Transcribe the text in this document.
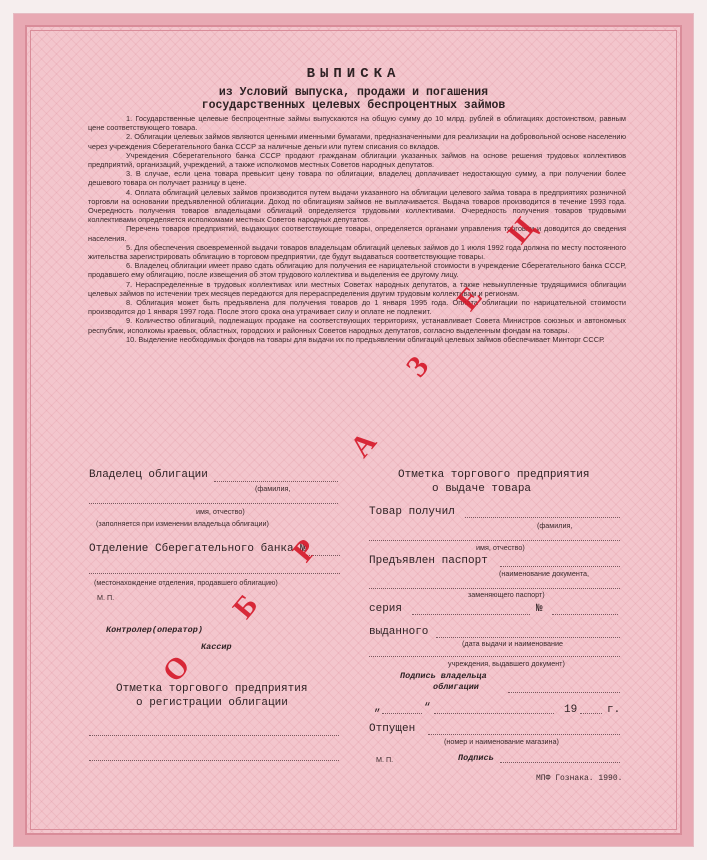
ВЫПИСКА
из Условий выпуска, продажи и погашения
государственных целевых беспроцентных займов

1. Государственные целевые беспроцентные займы выпускаются на общую сумму до 10 млрд. рублей в облигациях достоинством, равным цене соответствующего товара.

2. Облигации целевых займов являются ценными именными бумагами, предназначенными для реализации на добровольной основе населению через учреждения Сберегательного банка СССР за наличные деньги или путем списания со вкладов.

Учреждения Сберегательного банка СССР продают гражданам облигации указанных займов на основе решения трудовых коллективов предприятий, организаций, учреждений, а также исполкомов местных Советов народных депутатов.

3. В случае, если цена товара превысит цену товара по облигации, владелец доплачивает недостающую сумму, а при получении более дешевого товара он получает разницу в цене.

4. Оплата облигаций целевых займов производится путем выдачи указанного на облигации целевого займа товара в предприятиях розничной торговли на основании предъявленной облигации. Доход по облигациям займов не выплачивается. Выдача товаров производится в течение 1993 года. Очередность получения товаров владельцами облигаций определяется трудовыми коллективами. Очередность получения товаров трудовыми коллективами определяется исполкомами местных Советов народных депутатов.

Перечень товаров предприятий, выдающих соответствующие товары, определяется органами управления торговли и доводится до сведения населения.

5. Для обеспечения своевременной выдачи товаров владельцам облигаций целевых займов до 1 июля 1992 года должна по месту постоянного жительства зарегистрировать облигацию в торговом предприятии, где будут выдаваться соответствующие товары.

6. Владелец облигации имеет право сдать облигацию для получения ее нарицательной стоимости в учреждение Сберегательного банка СССР, продавшего ему облигацию, после извещения об этом трудового коллектива и выделения ее другому лицу.

7. Нераспределенные в трудовых коллективах или местных Советах народных депутатов, а также невыкупленные трудящимися облигации целевых займов по истечении трех месяцев передаются для перераспределения другим трудовым коллективам и регионам.

8. Облигация может быть предъявлена для получения товаров до 1 января 1995 года. Оплата облигации по нарицательной стоимости производится до 1 января 1997 года. После этого срока она утрачивает силу и оплате не подлежит.

9. Количество облигаций, подлежащих продаже на соответствующих территориях, устанавливает Совета Министров союзных и автономных республик, исполкомы краевых, областных, городских и районных Советов народных депутатов, согласно выделенным фондам на товары.

10. Выделение необходимых фондов на товары для выдачи их по предъявлении облигаций целевых займов обеспечивает Минторг СССР.

Владелец облигации
(фамилия,
имя, отчество)
(заполняется при изменении владельца облигации)
Отделение Сберегательного банка №
(местонахождение отделения, продавшего облигацию)
М. П.
Контролер(оператор)
Кассир
Отметка торгового предприятия
о регистрации облигации
Отметка торгового предприятия
о выдаче товара
Товар получил
(фамилия,
имя, отчество)
Предъявлен паспорт
(наименование документа,
заменяющего паспорт)
серия	№
выданного
(дата выдачи и наименование
учреждения, выдавшего документ)
Подпись владельца
облигации
„	“	19	г.
Отпущен
(номер и наименование магазина)
М. П.	Подпись
МПФ Гознака. 1990.
О
Б
Р
А
З
Е
Ц
